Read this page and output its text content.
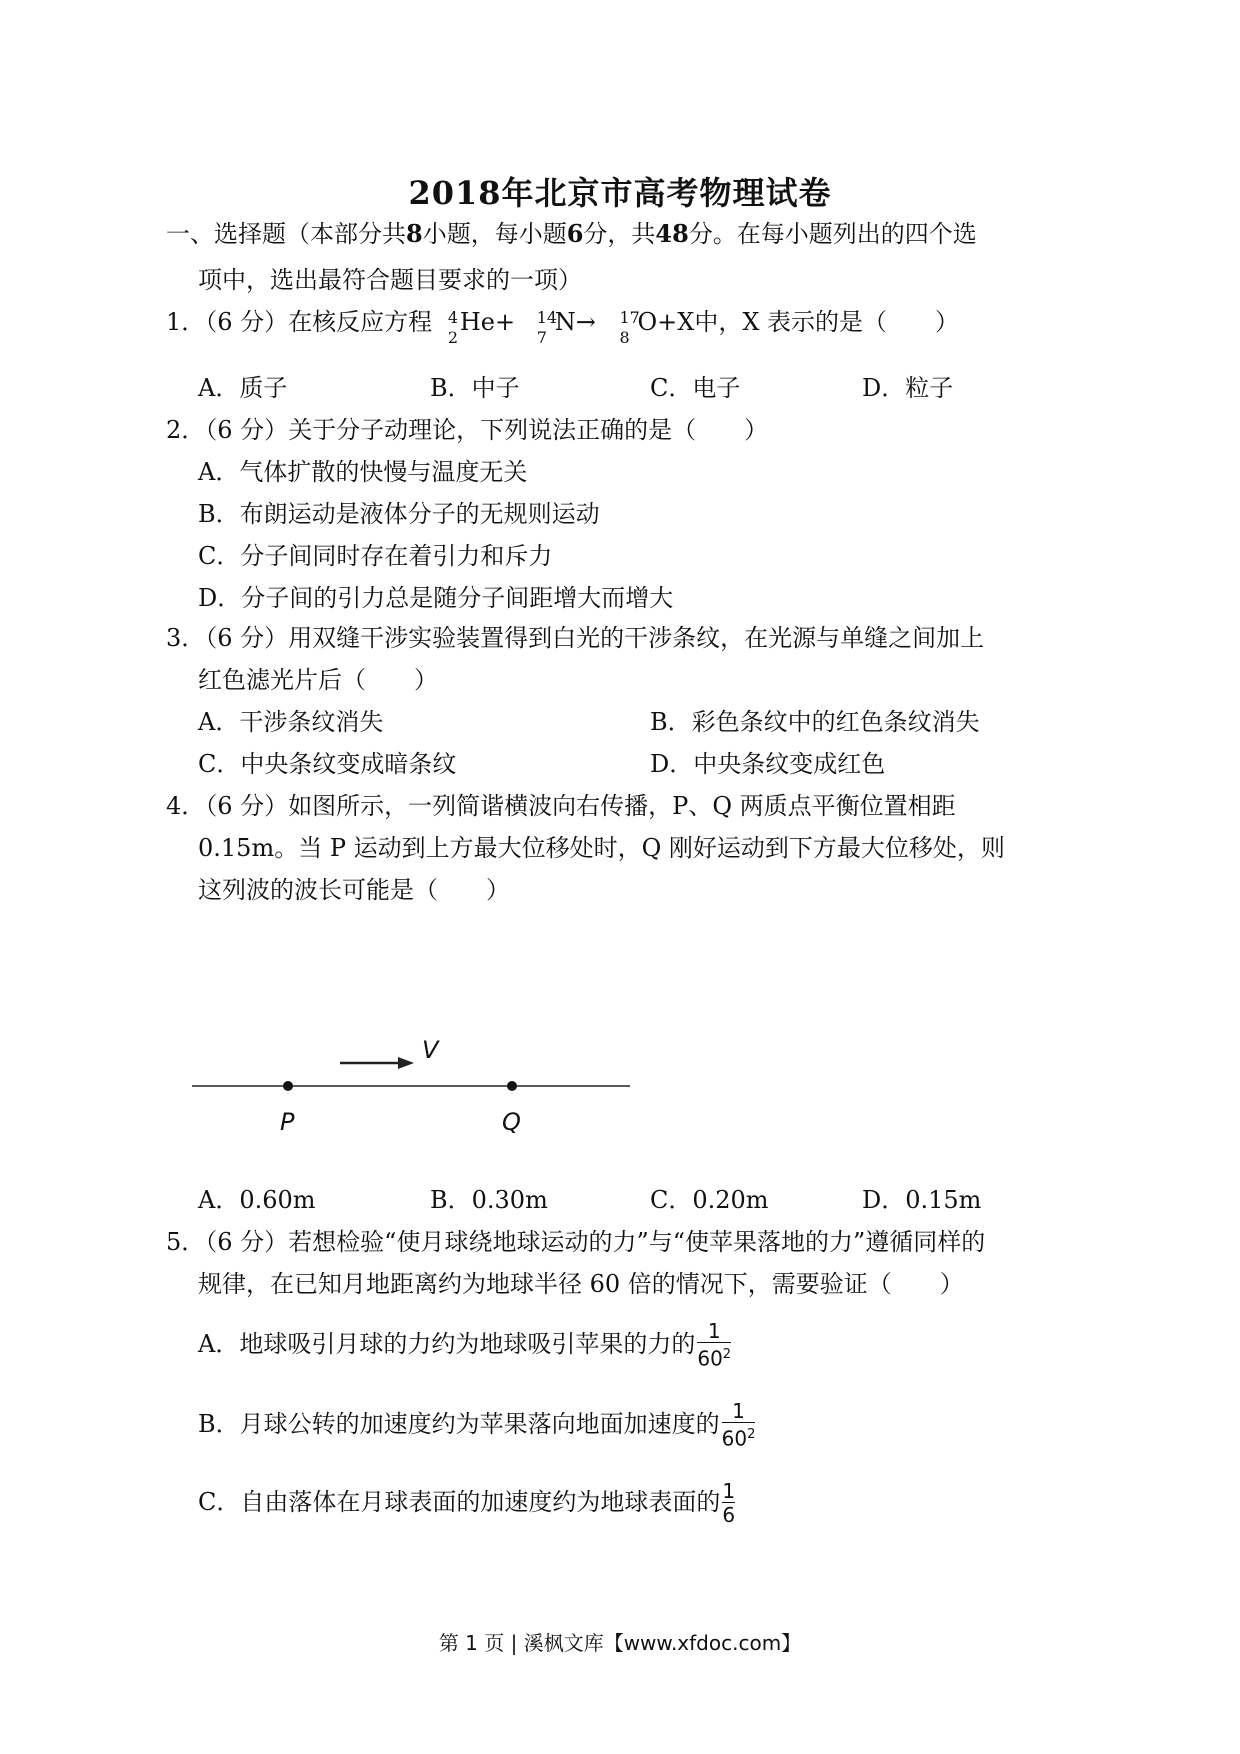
2018年北京市高考物理试卷
一、选择题（本部分共8小题，每小题6分，共48分。在每小题列出的四个选
项中，选出最符合题目要求的一项）
1．（6 分）在核反应方程 4
2
He+ 14
7
N→ 17
8
O+X中，X 表示的是（　　）
A．质子	B．中子	C．电子	D．粒子
2．（6 分）关于分子动理论，下列说法正确的是（　　）
A．气体扩散的快慢与温度无关
B．布朗运动是液体分子的无规则运动
C．分子间同时存在着引力和斥力
D．分子间的引力总是随分子间距增大而增大
3．（6 分）用双缝干涉实验装置得到白光的干涉条纹，在光源与单缝之间加上
红色滤光片后（　　）
A．干涉条纹消失	B．彩色条纹中的红色条纹消失
C．中央条纹变成暗条纹	D．中央条纹变成红色
4．（6 分）如图所示，一列简谐横波向右传播，P、Q 两质点平衡位置相距
0.15m。当 P 运动到上方最大位移处时，Q 刚好运动到下方最大位移处，则
这列波的波长可能是（　　）
V
P	Q
A．0.60m	B．0.30m	C．0.20m	D．0.15m
5．（6 分）若想检验“使月球绕地球运动的力”与“使苹果落地的力”遵循同样的
规律，在已知月地距离约为地球半径 60 倍的情况下，需要验证（　　）
A．地球吸引月球的力约为地球吸引苹果的力的 $\frac{1}{60^2}$
B．月球公转的加速度约为苹果落向地面加速度的 $\frac{1}{60^2}$
C．自由落体在月球表面的加速度约为地球表面的 $\frac{1}{6}$
第 1 页 | 溪枫文库【www.xfdoc.com】
